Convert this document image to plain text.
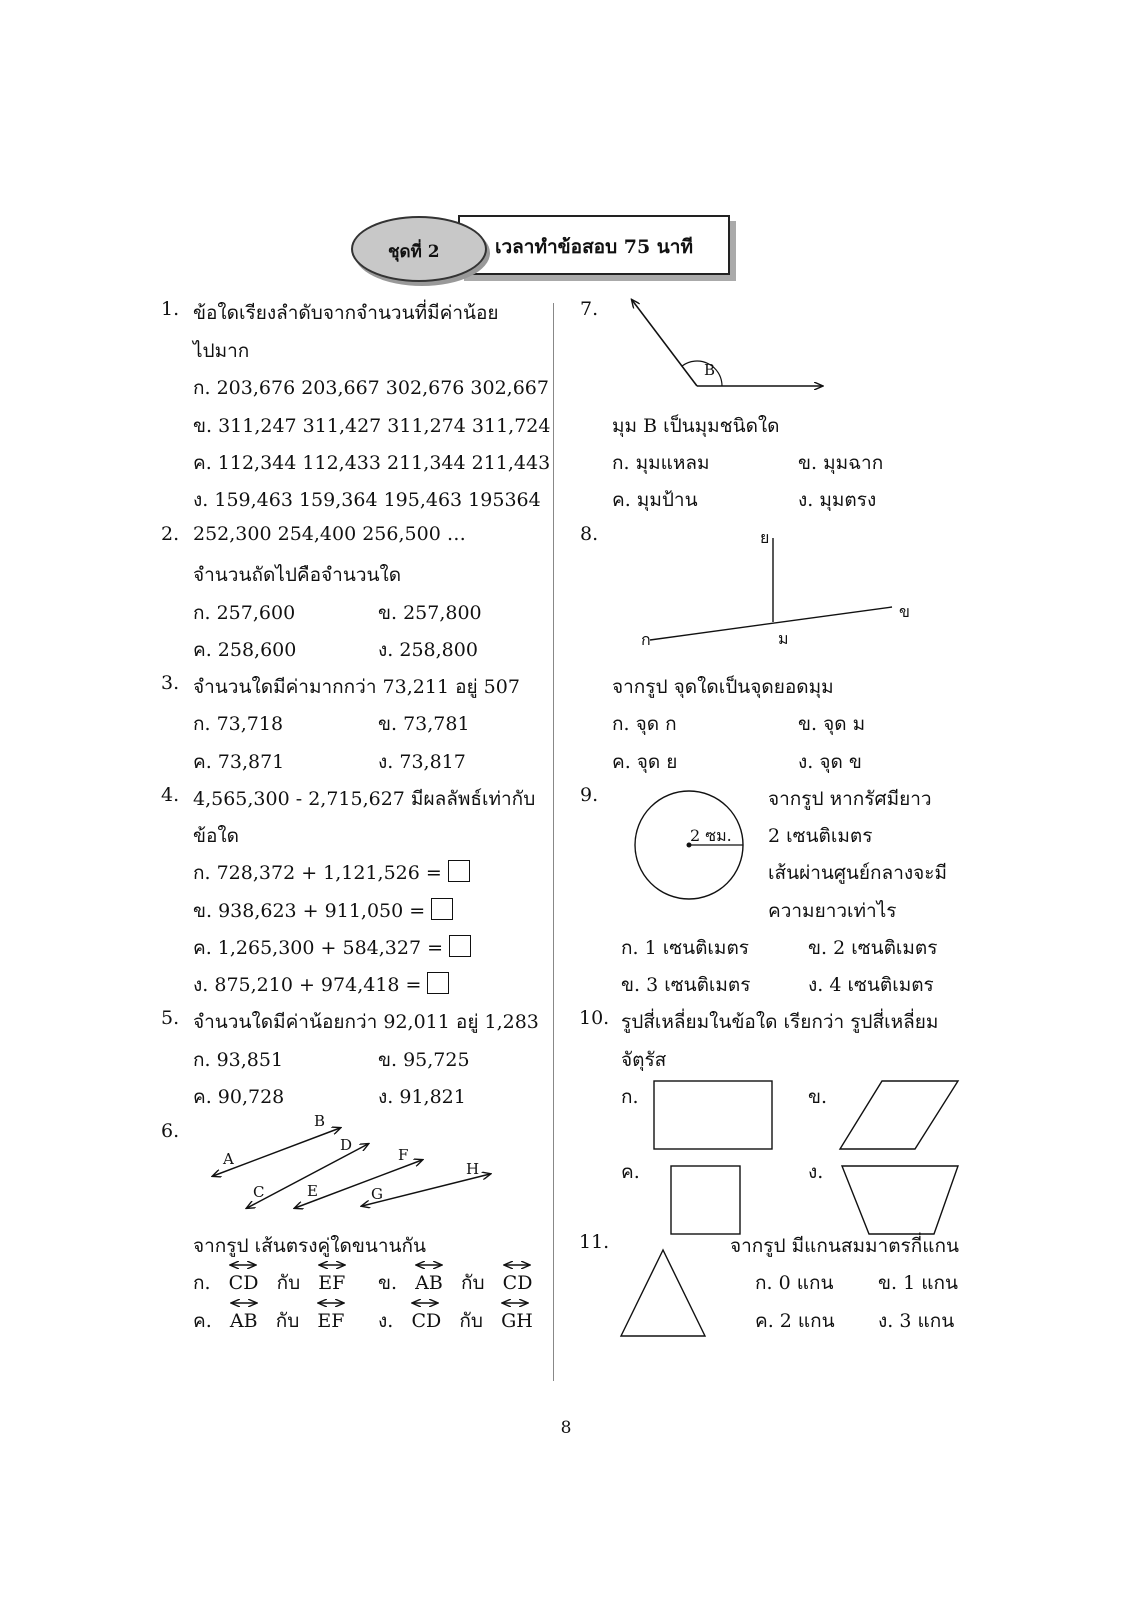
เวลาทำข้อสอบ 75 นาที
ชุดที่ 2
1. ข้อใดเรียงลำดับจากจำนวนที่มีค่าน้อย
ไปมาก
ก. 203,676 203,667 302,676 302,667
ข. 311,247 311,427 311,274 311,724
ค. 112,344 112,433 211,344 211,443
ง. 159,463 159,364 195,463 195364
2. 252,300 254,400 256,500 …
จำนวนถัดไปคือจำนวนใด
ก. 257,600	ข. 257,800
ค. 258,600	ง. 258,800
3. จำนวนใดมีค่ามากกว่า 73,211 อยู่ 507
ก. 73,718	ข. 73,781
ค. 73,871	ง. 73,817
4. 4,565,300 - 2,715,627 มีผลลัพธ์เท่ากับ
ข้อใด
ก. 728,372 + 1,121,526 =
ข. 938,623 + 911,050 =
ค. 1,265,300 + 584,327 =
ง. 875,210 + 974,418 =
5. จำนวนใดมีค่าน้อยกว่า 92,011 อยู่ 1,283
ก. 93,851	ข. 95,725
ค. 90,728	ง. 91,821
6.
A
B
C
D
E
F
G
H
จากรูป เส้นตรงคู่ใดขนานกัน
ก. CD กับ EF ข. AB กับ CD
ค. AB กับ EF ง. CD กับ GH
7.
B
มุม B เป็นมุมชนิดใด
ก. มุมแหลม	ข. มุมฉาก
ค. มุมป้าน	ง. มุมตรง
8.	ย
ก	ม
ข
จากรูป จุดใดเป็นจุดยอดมุม
ก. จุด ก	ข. จุด ม
ค. จุด ย	ง. จุด ข
9.
2 ซม.
จากรูป หากรัศมียาว
2 เซนติเมตร
เส้นผ่านศูนย์กลางจะมี
ความยาวเท่าไร
ก. 1 เซนติเมตร	ข. 2 เซนติเมตร
ข. 3 เซนติเมตร	ง. 4 เซนติเมตร
10. รูปสี่เหลี่ยมในข้อใด เรียกว่า รูปสี่เหลี่ยม
จัตุรัส
ก.	ข.
ค.	ง.
11.	จากรูป มีแกนสมมาตรกี่แกน
ก. 0 แกน ข. 1 แกน
ค. 2 แกน ง. 3 แกน
8
